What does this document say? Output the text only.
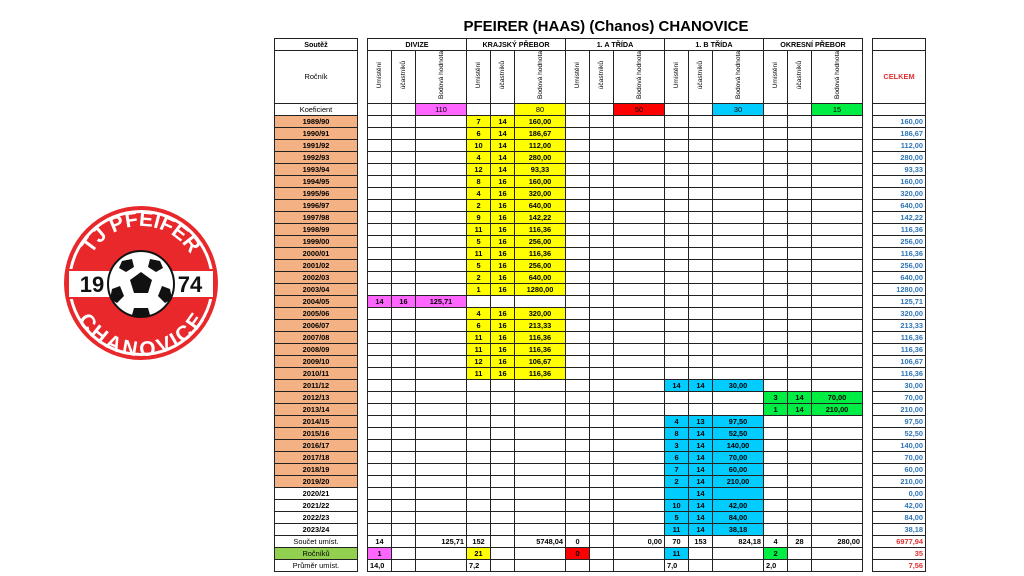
TJ PFEIFER
CHANOVICE
19	74
PFEIRER (HAAS) (Chanos) CHANOVICE
Soutěž		DIVIZE			KRAJSKÝ PŘEBOR			1. A TŘÍDA			1. B TŘÍDA			OKRESNÍ PŘEBOR				
Ročník		Umístění	účastníků	Bodová hodnota	Umístění	účastníků	Bodová hodnota	Umístění	účastníků	Bodová hodnota	Umístění	účastníků	Bodová hodnota	Umístění	účastníků	Bodová hodnota		CELKEM
Koeficient				110			80			50			30			15		
1989/90					7	14	160,00											160,00
1990/91					6	14	186,67											186,67
1991/92					10	14	112,00											112,00
1992/93					4	14	280,00											280,00
1993/94					12	14	93,33											93,33
1994/95					8	16	160,00											160,00
1995/96					4	16	320,00											320,00
1996/97					2	16	640,00											640,00
1997/98					9	16	142,22											142,22
1998/99					11	16	116,36											116,36
1999/00					5	16	256,00											256,00
2000/01					11	16	116,36											116,36
2001/02					5	16	256,00											256,00
2002/03					2	16	640,00											640,00
2003/04					1	16	1280,00											1280,00
2004/05		14	16	125,71														125,71
2005/06					4	16	320,00											320,00
2006/07					6	16	213,33											213,33
2007/08					11	16	116,36											116,36
2008/09					11	16	116,36											116,36
2009/10					12	16	106,67											106,67
2010/11					11	16	116,36											116,36
2011/12											14	14	30,00					30,00
2012/13														3	14	70,00		70,00
2013/14														1	14	210,00		210,00
2014/15											4	13	97,50					97,50
2015/16											8	14	52,50					52,50
2016/17											3	14	140,00					140,00
2017/18											6	14	70,00					70,00
2018/19											7	14	60,00					60,00
2019/20											2	14	210,00					210,00
2020/21												14						0,00
2021/22											10	14	42,00					42,00
2022/23											5	14	84,00					84,00
2023/24											11	14	38,18					38,18
Součet umíst.		14		125,71	152		5748,04	0		0,00	70	153	824,18	4	28	280,00		6977,94
Ročníků		1			21			0			11			2				35
Průměr umíst.		14,0			7,2						7,0			2,0				7,56
